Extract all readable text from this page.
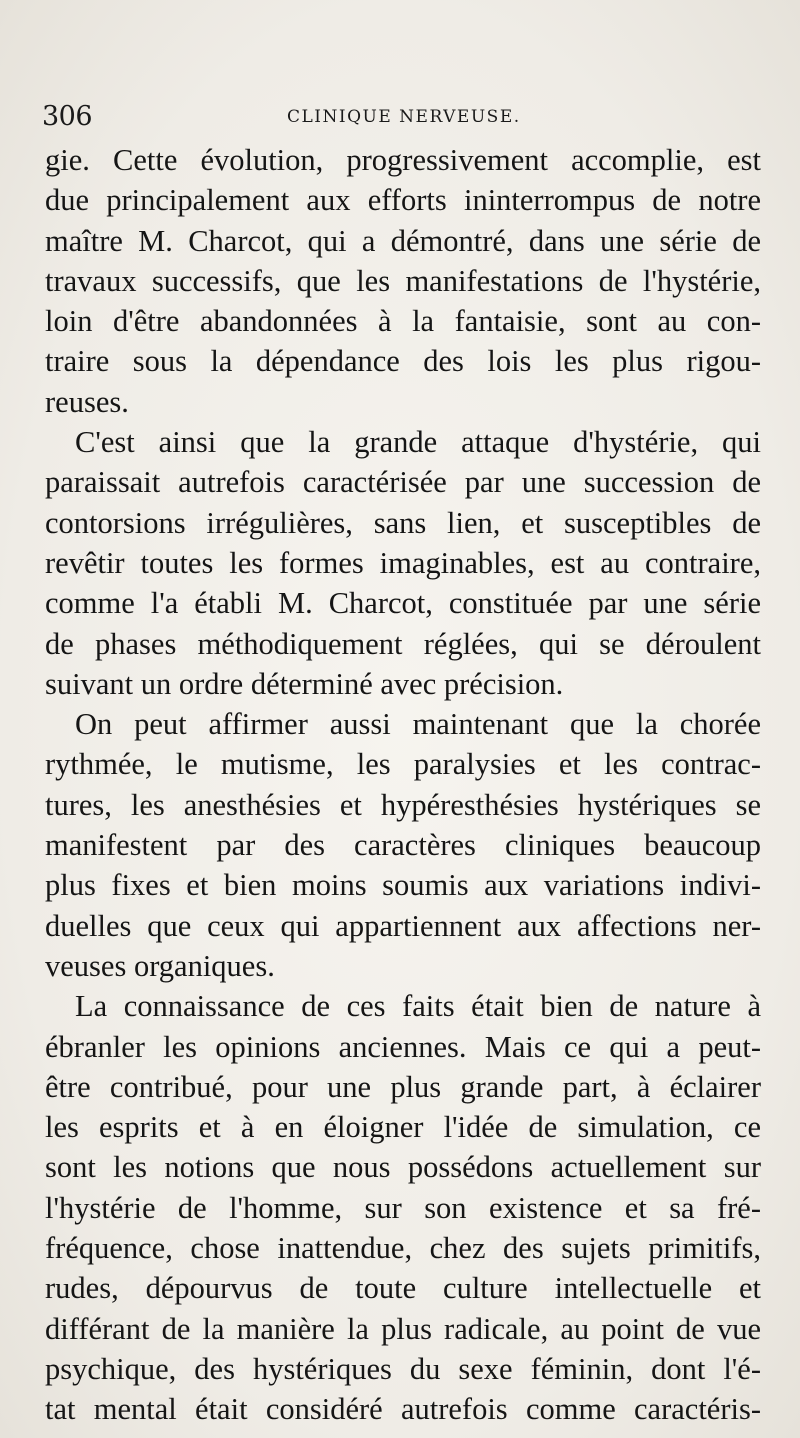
306	CLINIQUE NERVEUSE.
gie. Cette évolution, progressivement accomplie, est
due principalement aux efforts ininterrompus de notre
maître M. Charcot, qui a démontré, dans une série de
travaux successifs, que les manifestations de l'hystérie,
loin d'être abandonnées à la fantaisie, sont au con-
traire sous la dépendance des lois les plus rigou-
reuses.
C'est ainsi que la grande attaque d'hystérie, qui
paraissait autrefois caractérisée par une succession de
contorsions irrégulières, sans lien, et susceptibles de
revêtir toutes les formes imaginables, est au contraire,
comme l'a établi M. Charcot, constituée par une série
de phases méthodiquement réglées, qui se déroulent
suivant un ordre déterminé avec précision.
On peut affirmer aussi maintenant que la chorée
rythmée, le mutisme, les paralysies et les contrac-
tures, les anesthésies et hypéresthésies hystériques se
manifestent par des caractères cliniques beaucoup
plus fixes et bien moins soumis aux variations indivi-
duelles que ceux qui appartiennent aux affections ner-
veuses organiques.
La connaissance de ces faits était bien de nature à
ébranler les opinions anciennes. Mais ce qui a peut-
être contribué, pour une plus grande part, à éclairer
les esprits et à en éloigner l'idée de simulation, ce
sont les notions que nous possédons actuellement sur
l'hystérie de l'homme, sur son existence et sa fré-
fréquence, chose inattendue, chez des sujets primitifs,
rudes, dépourvus de toute culture intellectuelle et
différant de la manière la plus radicale, au point de vue
psychique, des hystériques du sexe féminin, dont l'é-
tat mental était considéré autrefois comme caractéris-
